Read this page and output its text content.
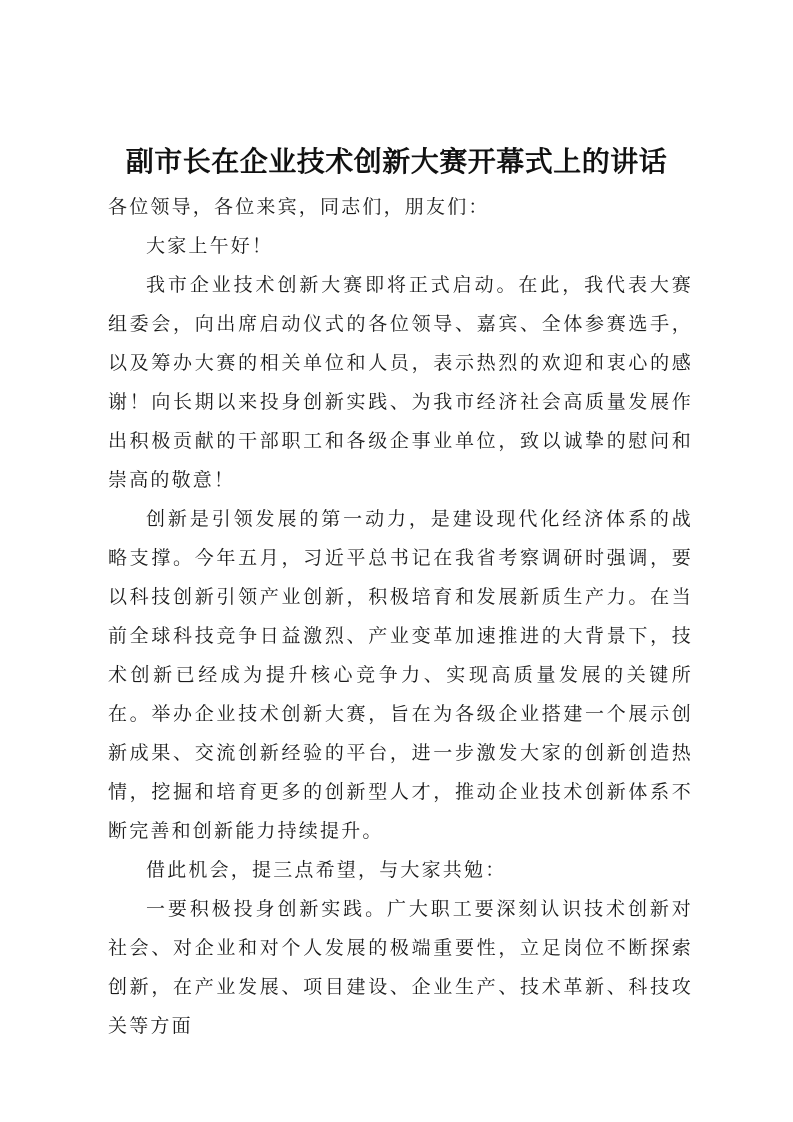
副市长在企业技术创新大赛开幕式上的讲话

各位领导，各位来宾，同志们，朋友们：

大家上午好！

我市企业技术创新大赛即将正式启动。在此，我代表大赛组委会，向出席启动仪式的各位领导、嘉宾、全体参赛选手，以及筹办大赛的相关单位和人员，表示热烈的欢迎和衷心的感谢！向长期以来投身创新实践、为我市经济社会高质量发展作出积极贡献的干部职工和各级企事业单位，致以诚挚的慰问和崇高的敬意！

创新是引领发展的第一动力，是建设现代化经济体系的战略支撑。今年五月，习近平总书记在我省考察调研时强调，要以科技创新引领产业创新，积极培育和发展新质生产力。在当前全球科技竞争日益激烈、产业变革加速推进的大背景下，技术创新已经成为提升核心竞争力、实现高质量发展的关键所在。举办企业技术创新大赛，旨在为各级企业搭建一个展示创新成果、交流创新经验的平台，进一步激发大家的创新创造热情，挖掘和培育更多的创新型人才，推动企业技术创新体系不断完善和创新能力持续提升。

借此机会，提三点希望，与大家共勉：

一要积极投身创新实践。广大职工要深刻认识技术创新对社会、对企业和对个人发展的极端重要性，立足岗位不断探索创新，在产业发展、项目建设、企业生产、技术革新、科技攻关等方面
